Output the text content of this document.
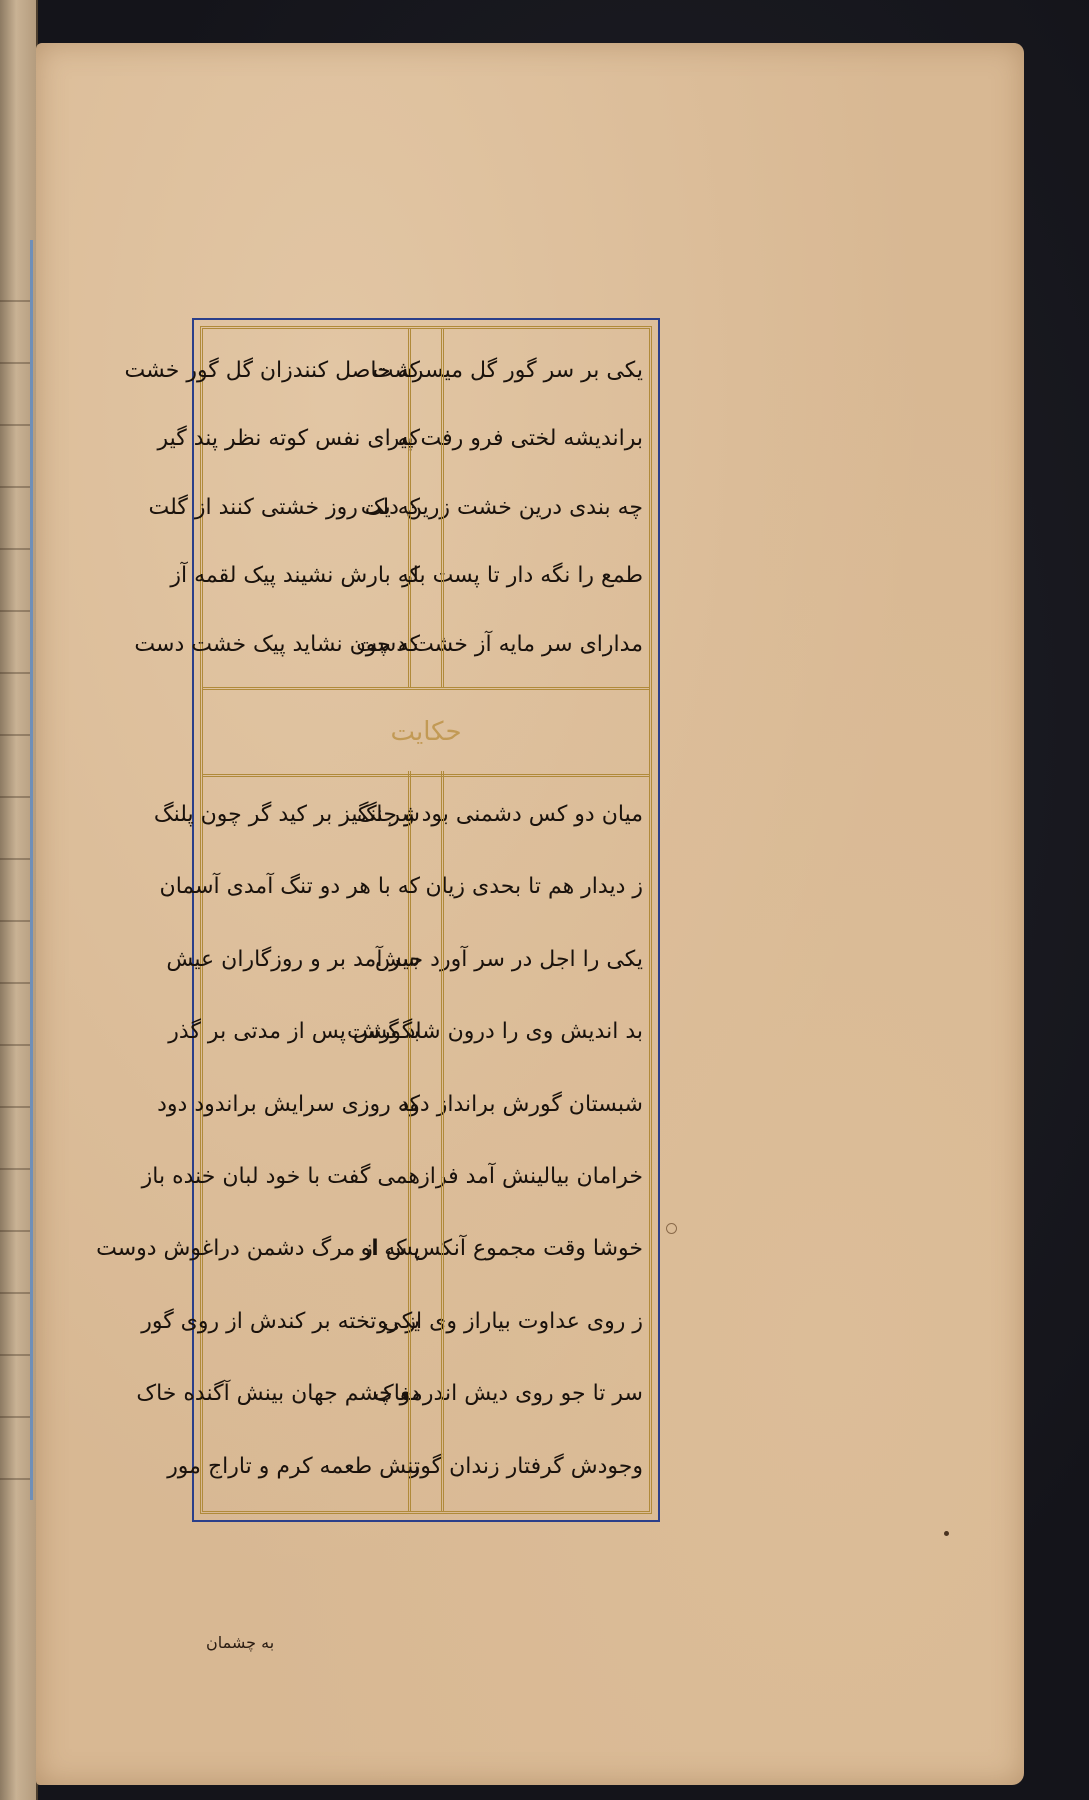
یکی بر سر گور گل میسرشت
براندیشه لختی فرو رفت پیر
چه بندی درین خشت زرین دلت
طمع را نگه دار تا پست بار
مدارای سر مایه آز خشت دست
که حاصل کنندزان گل گور خشت
که ای نفس کوته نظر پند گیر
که یک روز خشتی کنند از گلت
که بارش نشیند پیک لقمه آز
که چون نشاید پیک خشت دست
حکایت
میان دو کس دشمنی بود و جنگ
ز دیدار هم تا بحدی زیان
یکی را اجل در سر آورد جیش
بد اندیش وی را درون شاد گشت
شبستان گورش برانداز دود
خرامان بیالینش آمد فراز
خوشا وقت مجموع آنکس که او
ز روی عداوت بیاراز وی از رو
سر تا جو روی دیش اندرمغاک
وجودش گرفتار زندان گور
شر انگیز بر کید گر چون پلنگ
که با هر دو تنگ آمدی آسمان
سر آمد بر و روزگاران عیش
بگورش پس از مدتی بر گذر
که روزی سرایش براندود دود
همی گفت با خود لبان خنده باز
پس از مرگ دشمن دراغوش دوست
یکی تخته بر کندش از روی گور
دو چشم جهان بینش آگنده خاک
تنش طعمه کرم و تاراج مور
به چشمان
